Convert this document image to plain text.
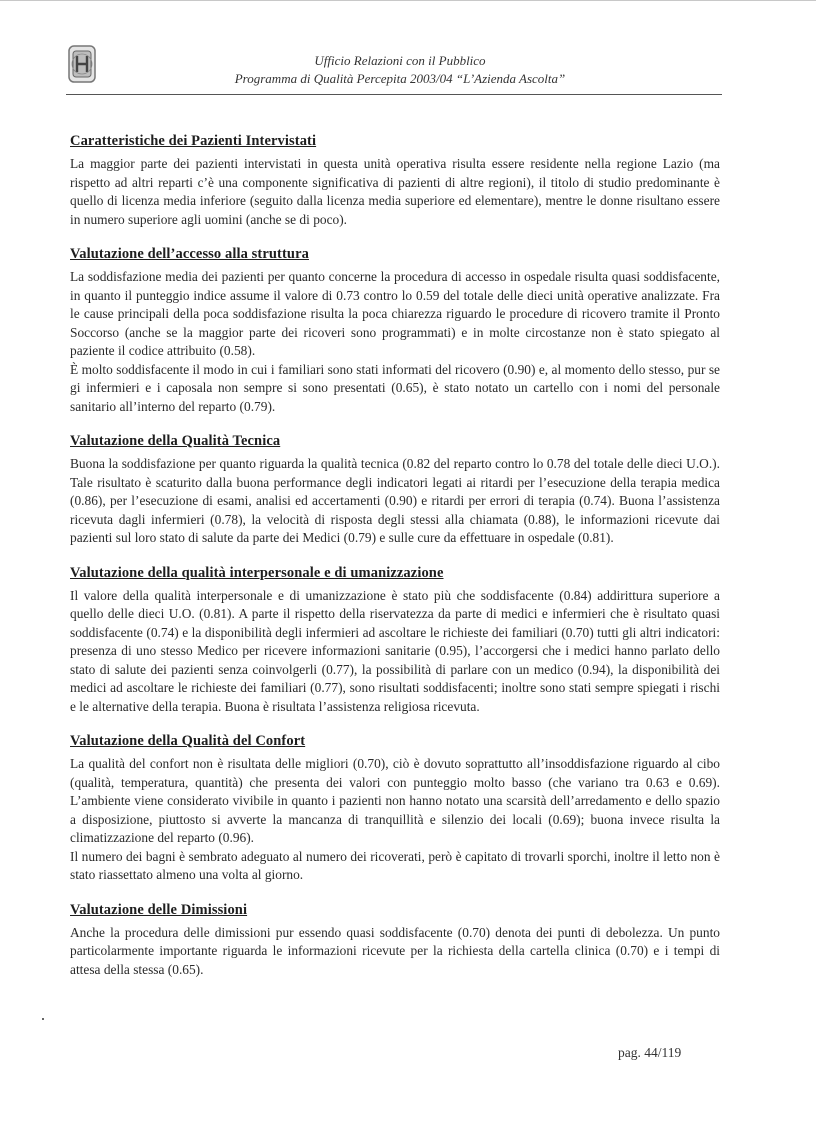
Ufficio Relazioni con il Pubblico
Programma di Qualità Percepita 2003/04 “L’Azienda Ascolta”
Caratteristiche dei Pazienti Intervistati

La maggior parte dei pazienti intervistati in questa unità operativa risulta essere residente nella regione Lazio (ma rispetto ad altri reparti c’è una componente significativa di pazienti di altre regioni), il titolo di studio predominante è quello di licenza media inferiore (seguito dalla licenza media superiore ed elementare), mentre le donne risultano essere in numero superiore agli uomini (anche se di poco).

Valutazione dell’accesso alla struttura

La soddisfazione media dei pazienti per quanto concerne la procedura di accesso in ospedale risulta quasi soddisfacente, in quanto il punteggio indice assume il valore di 0.73 contro lo 0.59 del totale delle dieci unità operative analizzate. Fra le cause principali della poca soddisfazione risulta la poca chiarezza riguardo le procedure di ricovero tramite il Pronto Soccorso (anche se la maggior parte dei ricoveri sono programmati) e in molte circostanze non è stato spiegato al paziente il codice attribuito (0.58).

È molto soddisfacente il modo in cui i familiari sono stati informati del ricovero (0.90) e, al momento dello stesso, pur se gi infermieri e i caposala non sempre si sono presentati (0.65), è stato notato un cartello con i nomi del personale sanitario all’interno del reparto (0.79).

Valutazione della Qualità Tecnica

Buona la soddisfazione per quanto riguarda la qualità tecnica (0.82 del reparto contro lo 0.78 del totale delle dieci U.O.). Tale risultato è scaturito dalla buona performance degli indicatori legati ai ritardi per l’esecuzione della terapia medica (0.86), per l’esecuzione di esami, analisi ed accertamenti (0.90) e ritardi per errori di terapia (0.74). Buona l’assistenza ricevuta dagli infermieri (0.78), la velocità di risposta degli stessi alla chiamata (0.88), le informazioni ricevute dai pazienti sul loro stato di salute da parte dei Medici (0.79) e sulle cure da effettuare in ospedale (0.81).

Valutazione della qualità interpersonale e di umanizzazione

Il valore della qualità interpersonale e di umanizzazione è stato più che soddisfacente (0.84) addirittura superiore a quello delle dieci U.O. (0.81). A parte il rispetto della riservatezza da parte di medici e infermieri che è risultato quasi soddisfacente (0.74) e la disponibilità degli infermieri ad ascoltare le richieste dei familiari (0.70) tutti gli altri indicatori: presenza di uno stesso Medico per ricevere informazioni sanitarie (0.95), l’accorgersi che i medici hanno parlato dello stato di salute dei pazienti senza coinvolgerli (0.77), la possibilità di parlare con un medico (0.94), la disponibilità dei medici ad ascoltare le richieste dei familiari (0.77), sono risultati soddisfacenti; inoltre sono stati sempre spiegati i rischi e le alternative della terapia. Buona è risultata l’assistenza religiosa ricevuta.

Valutazione della Qualità del Confort

La qualità del confort non è risultata delle migliori (0.70), ciò è dovuto soprattutto all’insoddisfazione riguardo al cibo (qualità, temperatura, quantità) che presenta dei valori con punteggio molto basso (che variano tra 0.63 e 0.69). L’ambiente viene considerato vivibile in quanto i pazienti non hanno notato una scarsità dell’arredamento e dello spazio a disposizione, piuttosto si avverte la mancanza di tranquillità e silenzio dei locali (0.69); buona invece risulta la climatizzazione del reparto (0.96).

Il numero dei bagni è sembrato adeguato al numero dei ricoverati, però è capitato di trovarli sporchi, inoltre il letto non è stato riassettato almeno una volta al giorno.

Valutazione delle Dimissioni

Anche la procedura delle dimissioni pur essendo quasi soddisfacente (0.70) denota dei punti di debolezza. Un punto particolarmente importante riguarda le informazioni ricevute per la richiesta della cartella clinica (0.70) e i tempi di attesa della stessa (0.65).

pag. 44/119
